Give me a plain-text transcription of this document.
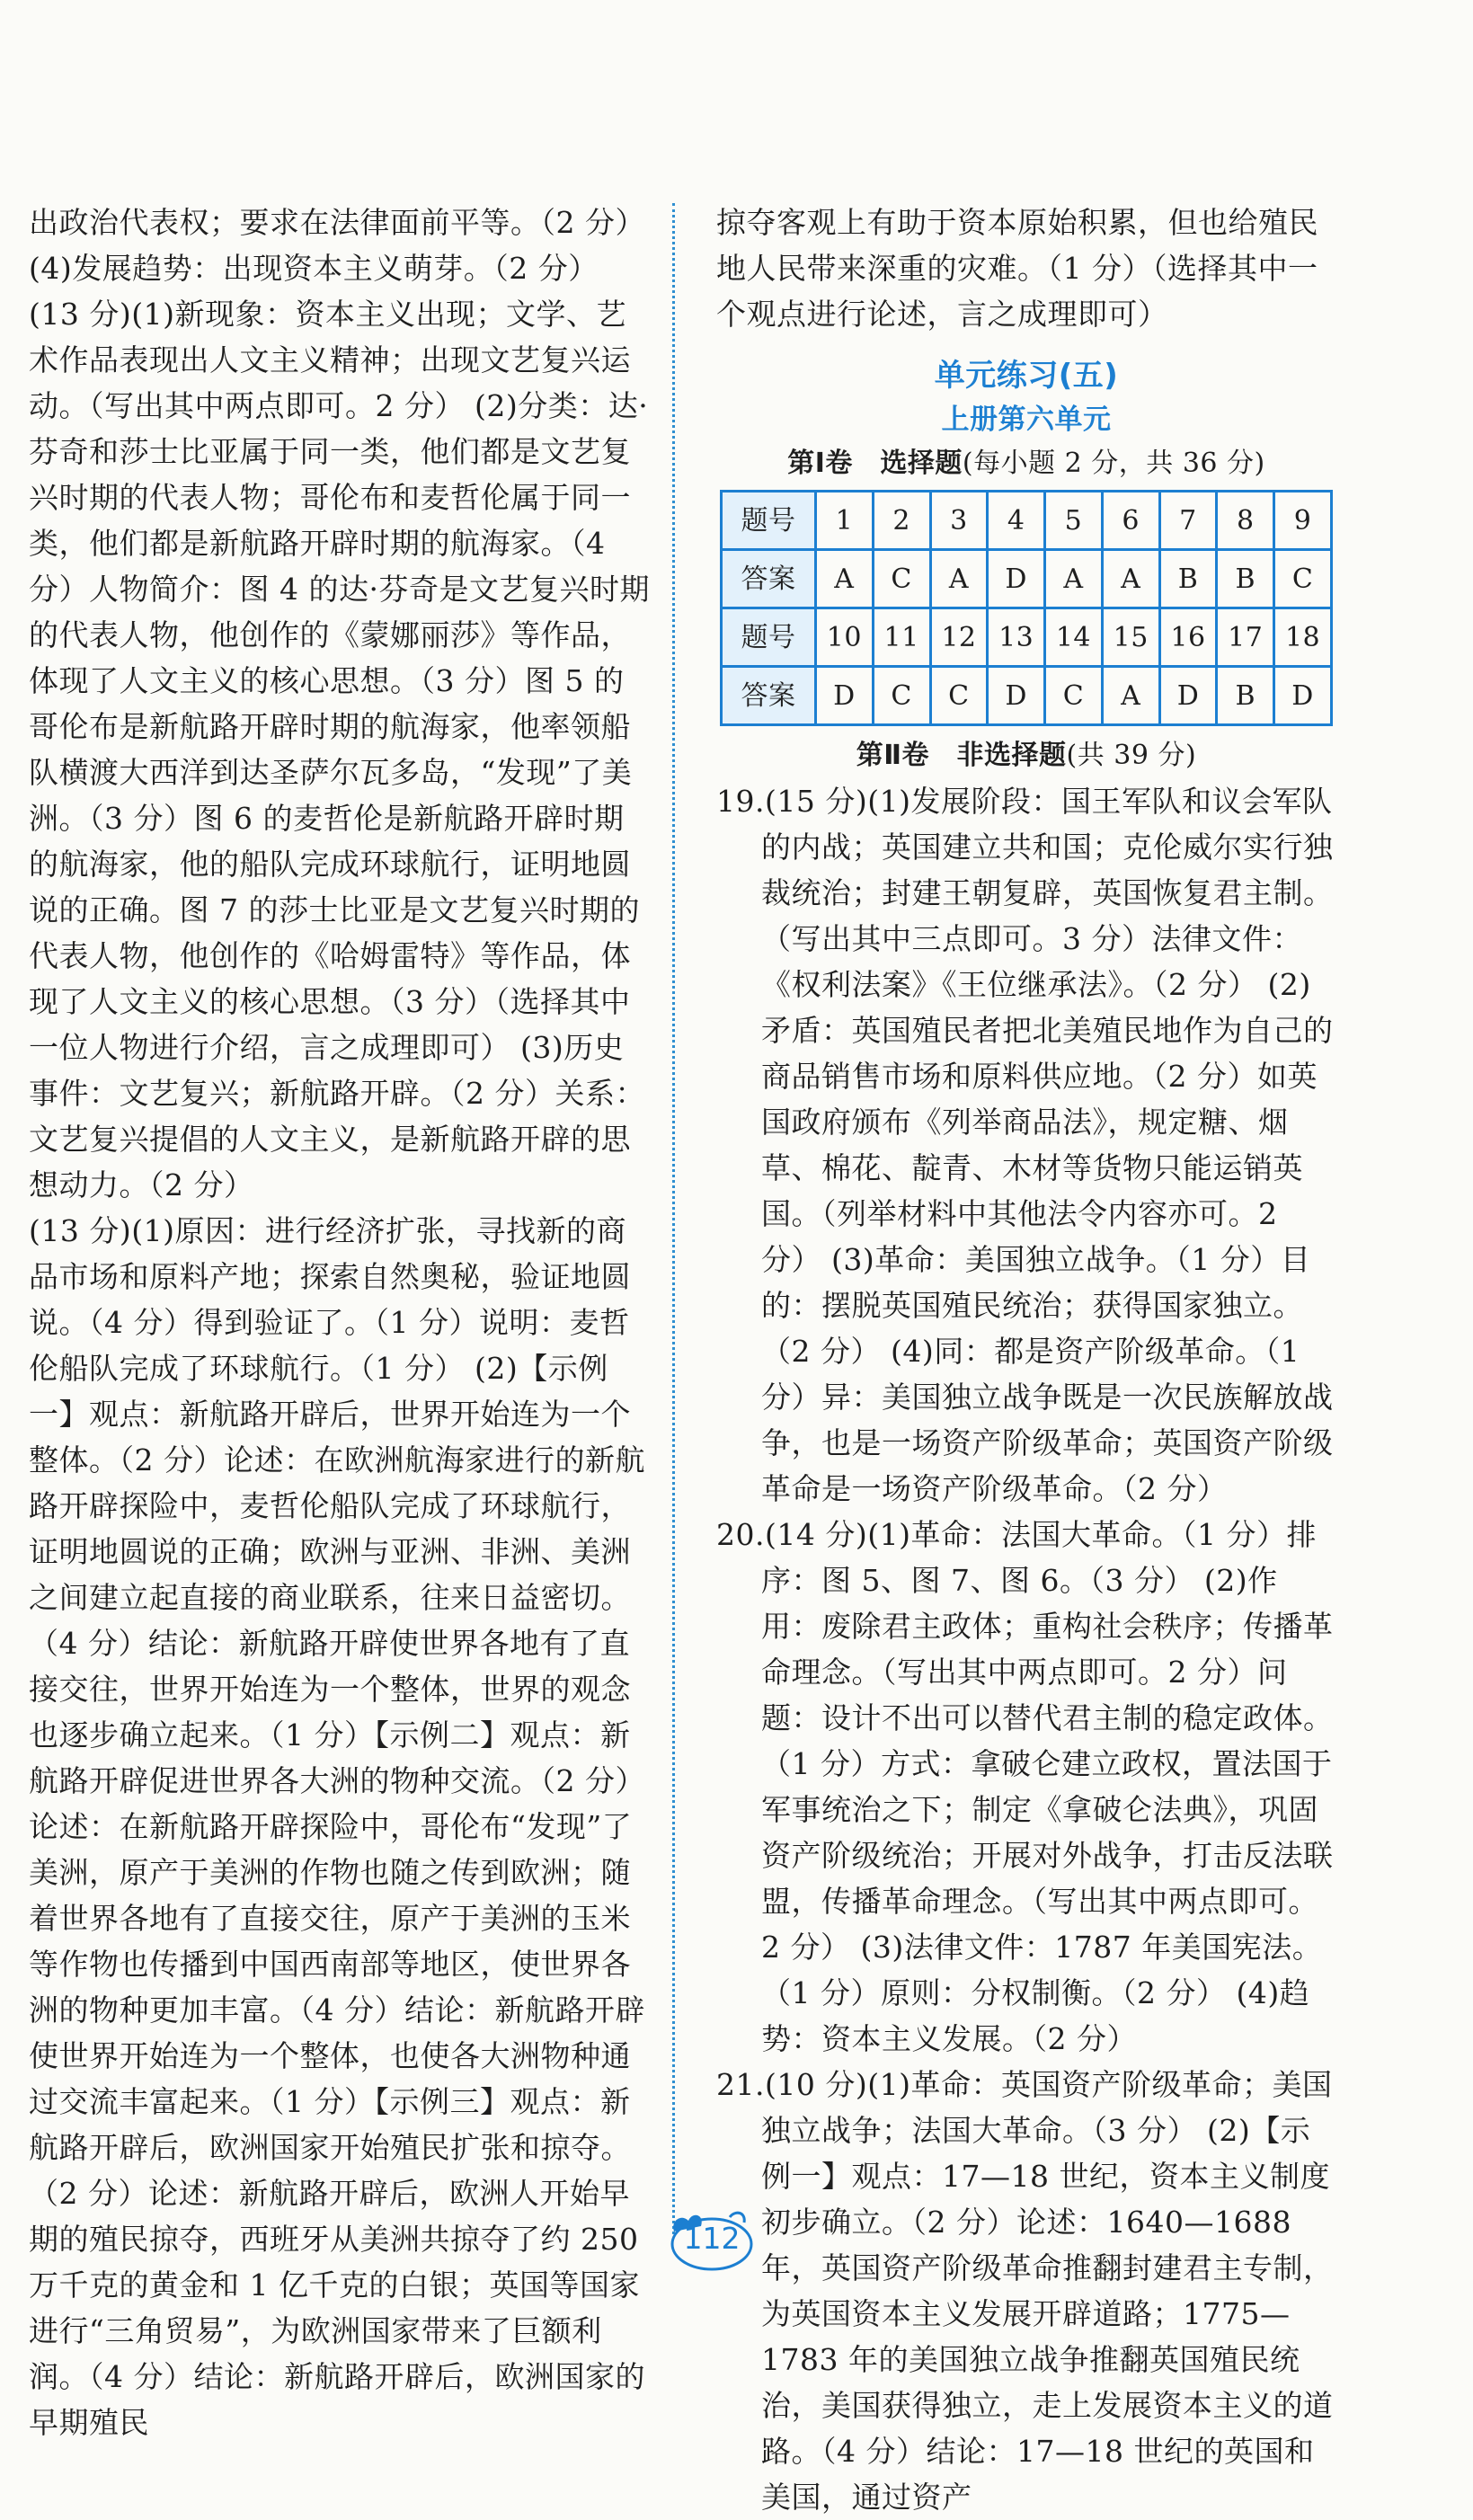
出政治代表权；要求在法律面前平等。（2 分）

(4)发展趋势：出现资本主义萌芽。（2 分）

(13 分)(1)新现象：资本主义出现；文学、艺术作品表现出人文主义精神；出现文艺复兴运动。（写出其中两点即可。2 分） (2)分类：达·芬奇和莎士比亚属于同一类，他们都是文艺复兴时期的代表人物；哥伦布和麦哲伦属于同一类，他们都是新航路开辟时期的航海家。（4 分）人物简介：图 4 的达·芬奇是文艺复兴时期的代表人物，他创作的《蒙娜丽莎》等作品，体现了人文主义的核心思想。（3 分）图 5 的哥伦布是新航路开辟时期的航海家，他率领船队横渡大西洋到达圣萨尔瓦多岛，“发现”了美洲。（3 分）图 6 的麦哲伦是新航路开辟时期的航海家，他的船队完成环球航行，证明地圆说的正确。图 7 的莎士比亚是文艺复兴时期的代表人物，他创作的《哈姆雷特》等作品，体现了人文主义的核心思想。（3 分）（选择其中一位人物进行介绍，言之成理即可） (3)历史事件：文艺复兴；新航路开辟。（2 分）关系：文艺复兴提倡的人文主义，是新航路开辟的思想动力。（2 分）

(13 分)(1)原因：进行经济扩张，寻找新的商品市场和原料产地；探索自然奥秘，验证地圆说。（4 分）得到验证了。（1 分）说明：麦哲伦船队完成了环球航行。（1 分） (2)【示例一】观点：新航路开辟后，世界开始连为一个整体。（2 分）论述：在欧洲航海家进行的新航路开辟探险中，麦哲伦船队完成了环球航行，证明地圆说的正确；欧洲与亚洲、非洲、美洲之间建立起直接的商业联系，往来日益密切。（4 分）结论：新航路开辟使世界各地有了直接交往，世界开始连为一个整体，世界的观念也逐步确立起来。（1 分）【示例二】观点：新航路开辟促进世界各大洲的物种交流。（2 分）论述：在新航路开辟探险中，哥伦布“发现”了美洲，原产于美洲的作物也随之传到欧洲；随着世界各地有了直接交往，原产于美洲的玉米等作物也传播到中国西南部等地区，使世界各洲的物种更加丰富。（4 分）结论：新航路开辟使世界开始连为一个整体，也使各大洲物种通过交流丰富起来。（1 分）【示例三】观点：新航路开辟后，欧洲国家开始殖民扩张和掠夺。（2 分）论述：新航路开辟后，欧洲人开始早期的殖民掠夺，西班牙从美洲共掠夺了约 250 万千克的黄金和 1 亿千克的白银；英国等国家进行“三角贸易”，为欧洲国家带来了巨额利润。（4 分）结论：新航路开辟后，欧洲国家的早期殖民

掠夺客观上有助于资本原始积累，但也给殖民地人民带来深重的灾难。（1 分）（选择其中一个观点进行论述，言之成理即可）

单元练习(五)
上册第六单元
第Ⅰ卷　选择题(每小题 2 分，共 36 分)
题号	1	2	3	4	5	6	7	8	9
答案	A	C	A	D	A	A	B	B	C
题号	10	11	12	13	14	15	16	17	18
答案	D	C	C	D	C	A	D	B	D
第Ⅱ卷　非选择题(共 39 分)

19.(15 分)(1)发展阶段：国王军队和议会军队的内战；英国建立共和国；克伦威尔实行独裁统治；封建王朝复辟，英国恢复君主制。（写出其中三点即可。3 分）法律文件：《权利法案》《王位继承法》。（2 分） (2)矛盾：英国殖民者把北美殖民地作为自己的商品销售市场和原料供应地。（2 分）如英国政府颁布《列举商品法》，规定糖、烟草、棉花、靛青、木材等货物只能运销英国。（列举材料中其他法令内容亦可。2 分） (3)革命：美国独立战争。（1 分）目的：摆脱英国殖民统治；获得国家独立。（2 分） (4)同：都是资产阶级革命。（1 分）异：美国独立战争既是一次民族解放战争，也是一场资产阶级革命；英国资产阶级革命是一场资产阶级革命。（2 分）

20.(14 分)(1)革命：法国大革命。（1 分）排序：图 5、图 7、图 6。（3 分） (2)作用：废除君主政体；重构社会秩序；传播革命理念。（写出其中两点即可。2 分）问题：设计不出可以替代君主制的稳定政体。（1 分）方式：拿破仑建立政权，置法国于军事统治之下；制定《拿破仑法典》，巩固资产阶级统治；开展对外战争，打击反法联盟，传播革命理念。（写出其中两点即可。2 分） (3)法律文件：1787 年美国宪法。（1 分）原则：分权制衡。（2 分） (4)趋势：资本主义发展。（2 分）

21.(10 分)(1)革命：英国资产阶级革命；美国独立战争；法国大革命。（3 分） (2)【示例一】观点：17—18 世纪，资本主义制度初步确立。（2 分）论述：1640—1688 年，英国资产阶级革命推翻封建君主专制，为英国资本主义发展开辟道路；1775—1783 年的美国独立战争推翻英国殖民统治，美国获得独立，走上发展资本主义的道路。（4 分）结论：17—18 世纪的英国和美国，通过资产

112
